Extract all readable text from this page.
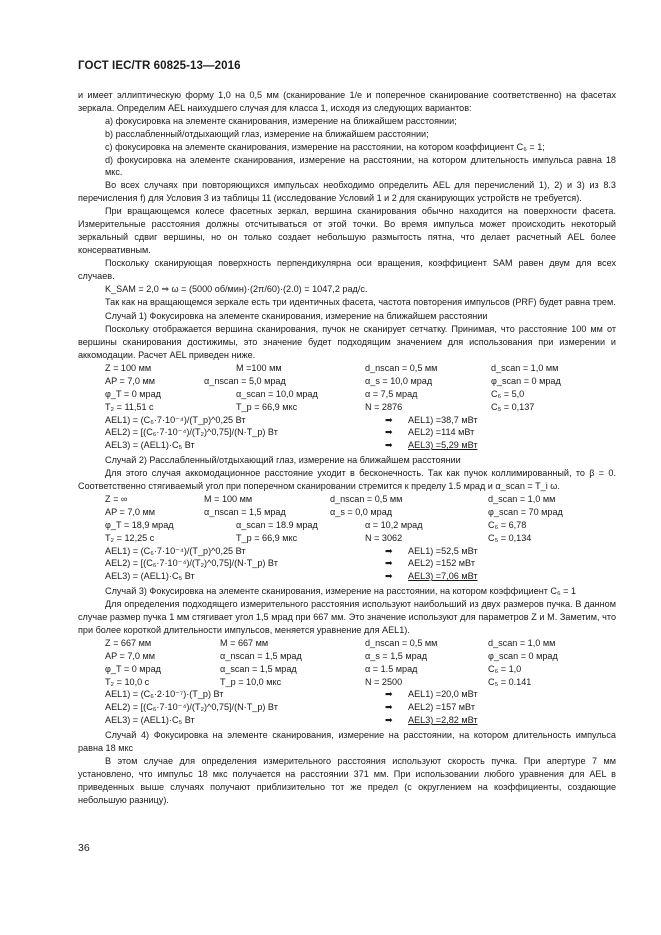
ГОСТ IEC/TR 60825-13—2016
и имеет эллиптическую форму 1,0 на 0,5 мм (сканирование 1/e и поперечное сканирование соответственно) на фасетах зеркала. Определим AEL наихудшего случая для класса 1, исходя из следующих вариантов:
a) фокусировка на элементе сканирования, измерение на ближайшем расстоянии;
b) расслабленный/отдыхающий глаз, измерение на ближайшем расстоянии;
c) фокусировка на элементе сканирования, измерение на расстоянии, на котором коэффициент C₆ = 1;
d) фокусировка на элементе сканирования, измерение на расстоянии, на котором длительность импульса равна 18 мкс.
Во всех случаях при повторяющихся импульсах необходимо определить AEL для перечислений 1), 2) и 3) из 8.3 перечисления f) для Условия 3 из таблицы 11 (исследование Условий 1 и 2 для сканирующих устройств не требуется).
При вращающемся колесе фасетных зеркал, вершина сканирования обычно находится на поверхности фасета. Измерительные расстояния должны отсчитываться от этой точки. Во время импульса может происходить некоторый зеркальный сдвиг вершины, но он только создает небольшую размытость пятна, что делает расчетный AEL более консервативным.
Поскольку сканирующая поверхность перпендикулярна оси вращения, коэффициент SAM равен двум для всех случаев.
K_SAM = 2,0 ⇒ ω = (5000 об/мин)·(2π/60)·(2.0) = 1047,2 рад/с.
Так как на вращающемся зеркале есть три идентичных фасета, частота повторения импульсов (PRF) будет равна трем.
Случай 1) Фокусировка на элементе сканирования, измерение на ближайшем расстоянии
Поскольку отображается вершина сканирования, пучок не сканирует сетчатку. Принимая, что расстояние 100 мм от вершины сканирования достижимы, это значение будет подходящим значением для использования при измерении и аккомодации. Расчет AEL приведен ниже.
Z = 100 мм	M =100 мм	d_nscan = 0,5 мм	d_scan = 1,0 мм
AP = 7,0 мм	α_nscan = 5,0 мрад	α_s = 10,0 мрад	φ_scan = 0 мрад
φ_T = 0 мрад	α_scan = 10,0 мрад	α = 7,5 мрад	C₆ = 5,0
T₂ = 11,51 с	T_p = 66,9 мкс	N = 2876	C₅ = 0,137
AEL1) = (C₆·7·10⁻⁴)/(T_p)^0,25 Вт	➡ AEL1) =38,7 мВт
AEL2) = [(C₆·7·10⁻⁴)/(T₂)^0,75]/(N·T_p) Вт	➡ AEL2) =114 мВт
AEL3) = (AEL1)·C₅ Вт	➡ AEL3) =5,29 мВт
Случай 2) Расслабленный/отдыхающий глаз, измерение на ближайшем расстоянии
Для этого случая аккомодационное расстояние уходит в бесконечность. Так как пучок коллимированный, то β = 0. Соответственно стягиваемый угол при поперечном сканировании стремится к пределу 1.5 мрад и α_scan = T_i ω.
Z = ∞	M = 100 мм	d_nscan = 0,5 мм	d_scan = 1,0 мм
AP = 7,0 мм	α_nscan = 1,5 мрад	α_s = 0,0 мрад	φ_scan = 70 мрад
φ_T = 18,9 мрад	α_scan = 18.9 мрад	α = 10,2 мрад	C₆ = 6,78
T₂ = 12,25 с	T_p = 66,9 мкс	N = 3062	C₅ = 0,134
AEL1) = (C₆·7·10⁻⁴)/(T_p)^0,25 Вт	➡ AEL1) =52,5 мВт
AEL2) = [(C₆·7·10⁻⁴)/(T₂)^0,75]/(N·T_p) Вт	➡ AEL2) =152 мВт
AEL3) = (AEL1)·C₅ Вт	➡ AEL3) =7,06 мВт
Случай 3) Фокусировка на элементе сканирования, измерение на расстоянии, на котором коэффициент C₆ = 1
Для определения подходящего измерительного расстояния используют наибольший из двух размеров пучка. В данном случае размер пучка 1 мм стягивает угол 1,5 мрад при 667 мм. Это значение используют для параметров Z и M. Заметим, что при более короткой длительности импульсов, меняется уравнение для AEL1).
Z = 667 мм	M = 667 мм	d_nscan = 0,5 мм	d_scan = 1,0 мм
AP = 7,0 мм	α_nscan = 1,5 мрад	α_s = 1,5 мрад	φ_scan = 0 мрад
φ_T = 0 мрад	α_scan = 1,5 мрад	α = 1.5 мрад	C₆ = 1,0
T₂ = 10,0 с	T_p = 10,0 мкс	N = 2500	C₅ = 0.141
AEL1) = (C₆·2·10⁻⁷)·(T_p) Вт	➡ AEL1) =20,0 мВт
AEL2) = [(C₆·7·10⁻⁴)/(T₂)^0,75]/(N·T_p) Вт	➡ AEL2) =157 мВт
AEL3) = (AEL1)·C₅ Вт	➡ AEL3) =2,82 мВт
Случай 4) Фокусировка на элементе сканирования, измерение на расстоянии, на котором длительность импульса равна 18 мкс
В этом случае для определения измерительного расстояния используют скорость пучка. При апертуре 7 мм установлено, что импульс 18 мкс получается на расстоянии 371 мм. При использовании любого уравнения для AEL в приведенных выше случаях получают приблизительно тот же предел (с округлением на коэффициенты, создающие небольшую разницу).
36
